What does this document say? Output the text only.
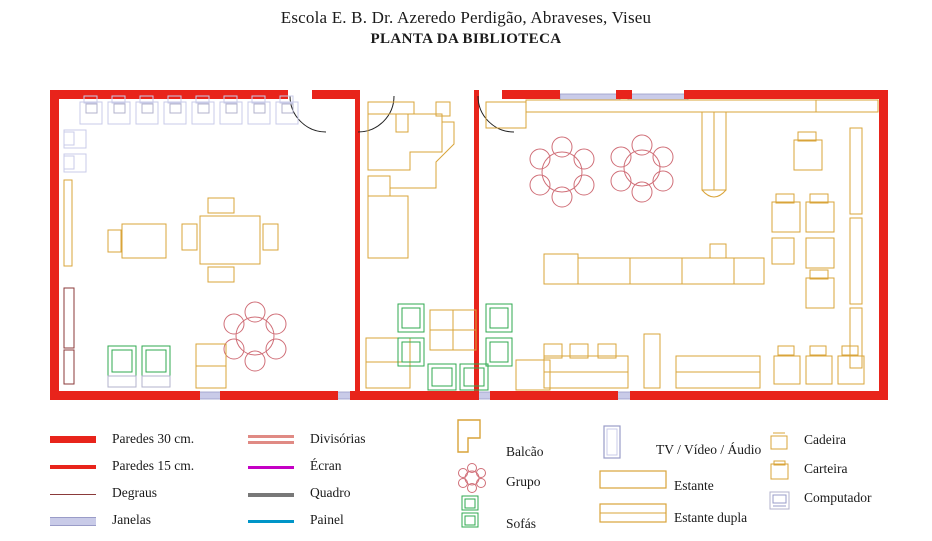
Escola E. B. Dr. Azeredo Perdigão, Abraveses, Viseu
PLANTA DA BIBLIOTECA
Paredes 30 cm.
Paredes 15 cm.
Degraus
Janelas
Divisórias
Écran
Quadro
Painel
Balcão
Grupo
Sofás
TV / Vídeo / Áudio
Estante
Estante dupla
Cadeira
Carteira
Computador
